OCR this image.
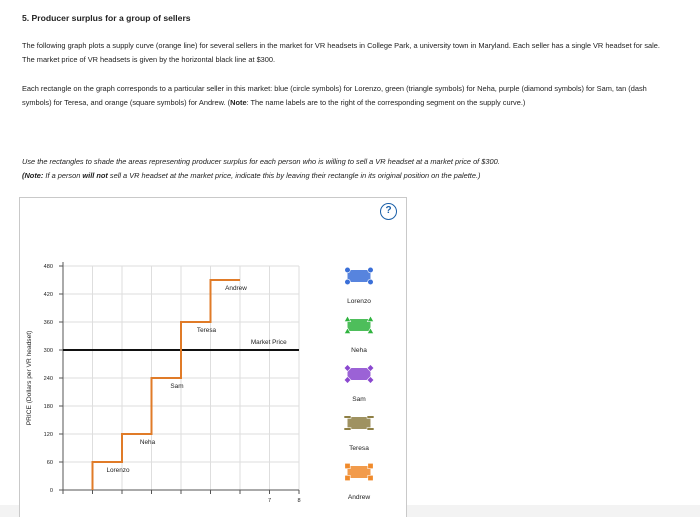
5. Producer surplus for a group of sellers
The following graph plots a supply curve (orange line) for several sellers in the market for VR headsets in College Park, a university town in Maryland. Each seller has a single VR headset for sale. The market price of VR headsets is given by the horizontal black line at $300.
Each rectangle on the graph corresponds to a particular seller in this market: blue (circle symbols) for Lorenzo, green (triangle symbols) for Neha, purple (diamond symbols) for Sam, tan (dash symbols) for Teresa, and orange (square symbols) for Andrew. (Note: The name labels are to the right of the corresponding segment on the supply curve.)
Use the rectangles to shade the areas representing producer surplus for each person who is willing to sell a VR headset at a market price of $300.
(Note: If a person will not sell a VR headset at the market price, indicate this by leaving their rectangle in its original position on the palette.)
?
0
60
120
180
240
300
360
420
480
7	8
PRICE (Dollars per VR headset)	Market Price
Lorenzo
Neha
Sam
Teresa
Andrew
Lorenzo
Neha
Sam
Teresa
Andrew
